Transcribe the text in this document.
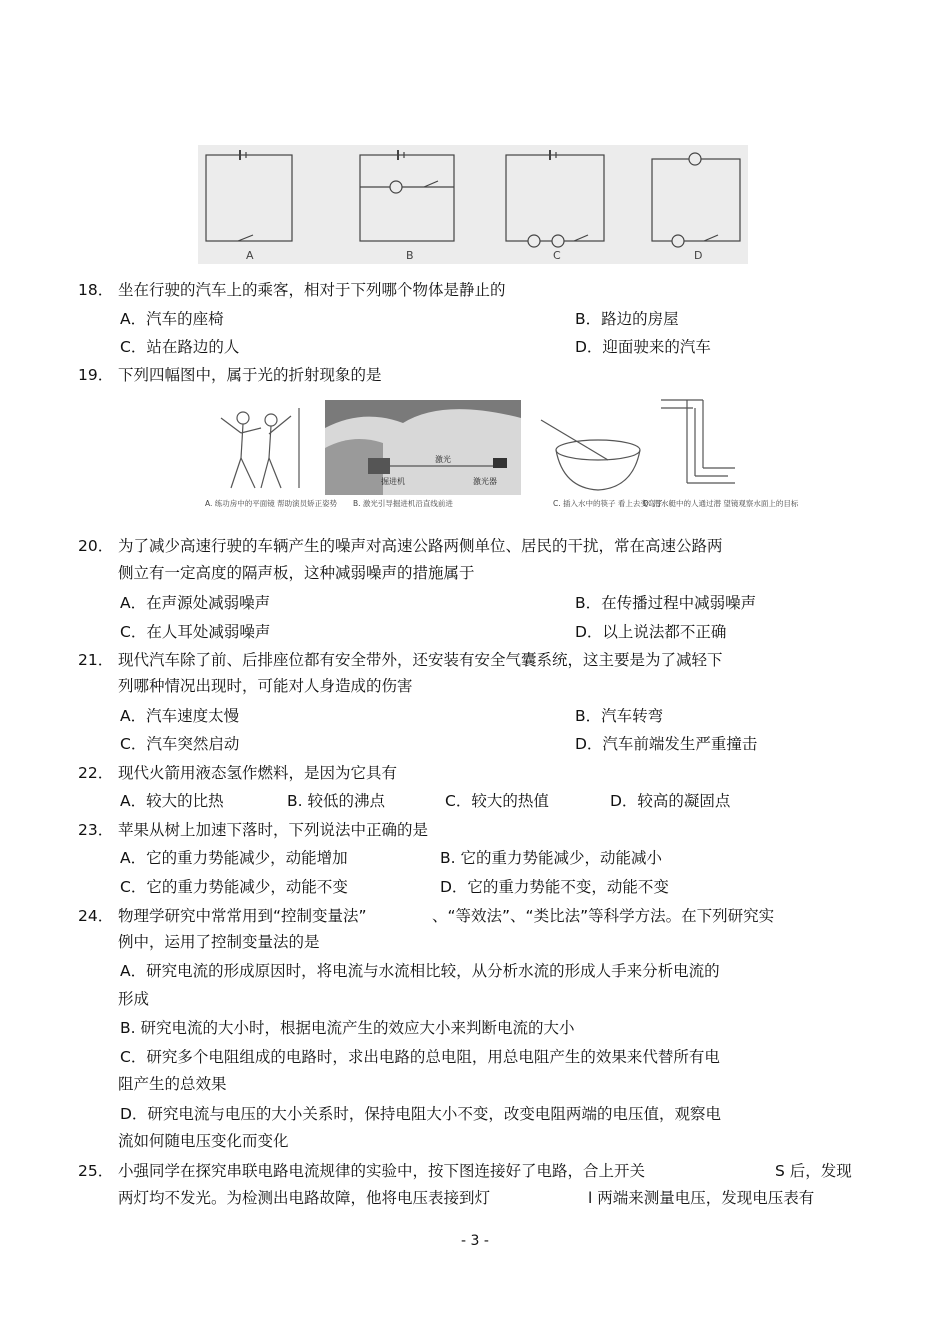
A	B	C	D
18． 坐在行驶的汽车上的乘客，相对于下列哪个物体是静止的
A．汽车的座椅	B．路边的房屋
C．站在路边的人	D．迎面驶来的汽车
19． 下列四幅图中，属于光的折射现象的是
A. 练功房中的平面镜 帮助演员矫正姿势
掘进机
激光
激光器
B. 激光引导掘进机沿直线前进	C. 插入水中的筷子 看上去变弯了
D. 潜水艇中的人通过潜 望镜观察水面上的目标
20． 为了减少高速行驶的车辆产生的噪声对高速公路两侧单位、居民的干扰，常在高速公路两
侧立有一定高度的隔声板，这种减弱噪声的措施属于
A．在声源处减弱噪声	B．在传播过程中减弱噪声
C．在人耳处减弱噪声	D．以上说法都不正确
21． 现代汽车除了前、后排座位都有安全带外，还安装有安全气囊系统，这主要是为了减轻下
列哪种情况出现时，可能对人身造成的伤害
A．汽车速度太慢	B．汽车转弯
C．汽车突然启动	D．汽车前端发生严重撞击
22． 现代火箭用液态氢作燃料，是因为它具有
A．较大的比热	B. 较低的沸点	C．较大的热值	D．较高的凝固点
23． 苹果从树上加速下落时，下列说法中正确的是
A．它的重力势能减少，动能增加	B. 它的重力势能减少，动能减小
C．它的重力势能减少，动能不变	D．它的重力势能不变，动能不变
24． 物理学研究中常常用到“控制变量法”	、“等效法”、“类比法”等科学方法。在下列研究实
例中，运用了控制变量法的是
A．研究电流的形成原因时，将电流与水流相比较，从分析水流的形成人手来分析电流的
形成
B. 研究电流的大小时，根据电流产生的效应大小来判断电流的大小
C．研究多个电阻组成的电路时，求出电路的总电阻，用总电阻产生的效果来代替所有电
阻产生的总效果
D．研究电流与电压的大小关系时，保持电阻大小不变，改变电阻两端的电压值，观察电
流如何随电压变化而变化
25． 小强同学在探究串联电路电流规律的实验中，按下图连接好了电路，合上开关	S 后，发现
两灯均不发光。为检测出电路故障，他将电压表接到灯	l 两端来测量电压，发现电压表有
- 3 -
